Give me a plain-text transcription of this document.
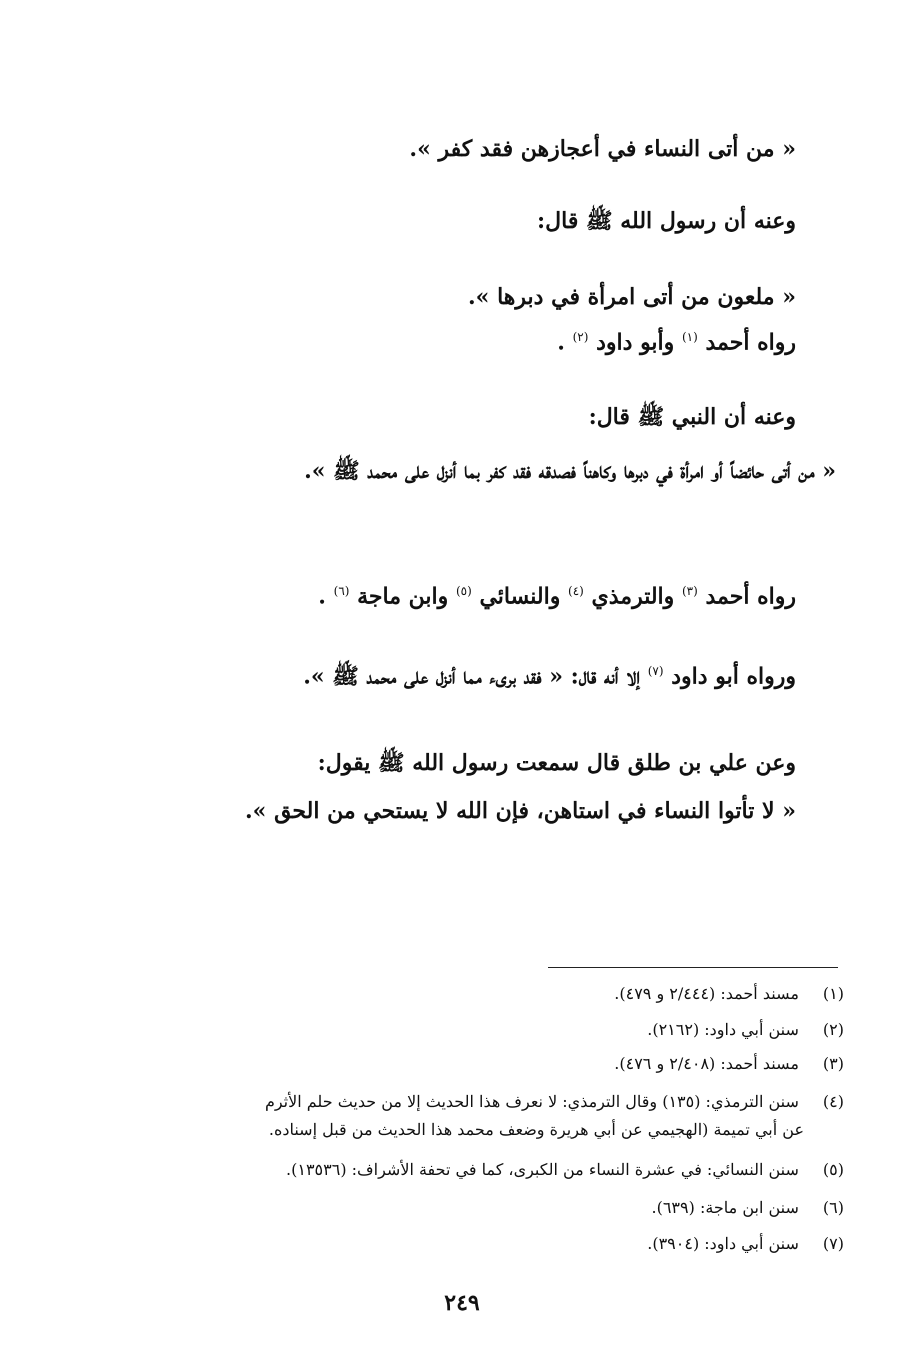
« من أتى النساء في أعجازهن فقد كفر ».
وعنه أن رسول الله ﷺ قال:
« ملعون من أتى امرأة في دبرها ».
رواه أحمد $^{(١)}$ وأبو داود $^{(٢)}$ .
وعنه أن النبي ﷺ قال:
« من أتى حائضاً أو امرأة في دبرها وكاهناً فصدقه فقد كفر بما أنزل على محمد ﷺ ».
رواه أحمد $^{(٣)}$ والترمذي $^{(٤)}$ والنسائي $^{(٥)}$ وابن ماجة $^{(٦)}$ .
ورواه أبو داود $^{(٧)}$ إلا أنه قال: « فقد برىء مما أنزل على محمد ﷺ ».
وعن علي بن طلق قال سمعت رسول الله ﷺ يقول:
« لا تأتوا النساء في استاهن، فإن الله لا يستحي من الحق ».
(١) مسند أحمد: (٢/٤٤٤ و ٤٧٩).
(٢) سنن أبي داود: (٢١٦٢).
(٣) مسند أحمد: (٢/٤٠٨ و ٤٧٦).
(٤) سنن الترمذي: (١٣٥) وقال الترمذي: لا نعرف هذا الحديث إلا من حديث حلم الأثرم
عن أبي تميمة (الهجيمي عن أبي هريرة وضعف محمد هذا الحديث من قبل إسناده.
(٥) سنن النسائي: في عشرة النساء من الكبرى، كما في تحفة الأشراف: (١٣٥٣٦).
(٦) سنن ابن ماجة: (٦٣٩).
(٧) سنن أبي داود: (٣٩٠٤).
٢٤٩
